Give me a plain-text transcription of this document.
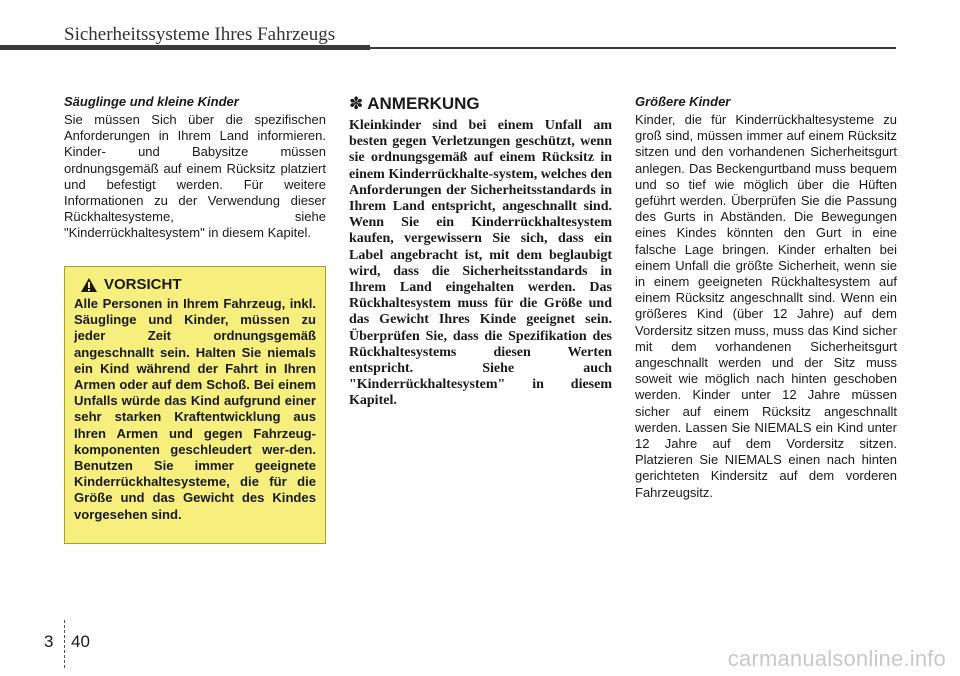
Sicherheitssysteme Ihres Fahrzeugs

Säuglinge und kleine Kinder

Sie müssen Sich über die spezifischen Anforderungen in Ihrem Land informieren. Kinder- und Babysitze müssen ordnungsgemäß auf einem Rücksitz platziert und befestigt werden. Für weitere Informationen zu der Verwendung dieser Rückhaltesysteme, siehe "Kinderrückhaltesystem" in diesem Kapitel.

VORSICHT

Alle Personen in Ihrem Fahrzeug, inkl. Säuglinge und Kinder, müssen zu jeder Zeit ordnungsgemäß angeschnallt sein. Halten Sie niemals ein Kind während der Fahrt in Ihren Armen oder auf dem Schoß. Bei einem Unfalls würde das Kind aufgrund einer sehr starken Kraftentwicklung aus Ihren Armen und gegen Fahrzeug-komponenten geschleudert wer-den. Benutzen Sie immer geeignete Kinderrückhaltesysteme, die für die Größe und das Gewicht des Kindes vorgesehen sind.

✽ ANMERKUNG

Kleinkinder sind bei einem Unfall am besten gegen Verletzungen geschützt, wenn sie ordnungsgemäß auf einem Rücksitz in einem Kinderrückhalte-system, welches den Anforderungen der Sicherheitsstandards in Ihrem Land entspricht, angeschnallt sind. Wenn Sie ein Kinderrückhaltesystem kaufen, vergewissern Sie sich, dass ein Label angebracht ist, mit dem beglaubigt wird, dass die Sicherheitsstandards in Ihrem Land eingehalten werden. Das Rückhaltesystem muss für die Größe und das Gewicht Ihres Kinde geeignet sein. Überprüfen Sie, dass die Spezifikation des Rückhaltesystems diesen Werten entspricht. Siehe auch "Kinderrückhaltesystem" in diesem Kapitel.

Größere Kinder

Kinder, die für Kinderrückhaltesysteme zu groß sind, müssen immer auf einem Rücksitz sitzen und den vorhandenen Sicherheitsgurt anlegen. Das Beckengurtband muss bequem und so tief wie möglich über die Hüften geführt werden. Überprüfen Sie die Passung des Gurts in Abständen. Die Bewegungen eines Kindes könnten den Gurt in eine falsche Lage bringen. Kinder erhalten bei einem Unfall die größte Sicherheit, wenn sie in einem geeigneten Rückhaltesystem auf einem Rücksitz angeschnallt sind. Wenn ein größeres Kind (über 12 Jahre) auf dem Vordersitz sitzen muss, muss das Kind sicher mit dem vorhandenen Sicherheitsgurt angeschnallt werden und der Sitz muss soweit wie möglich nach hinten geschoben werden. Kinder unter 12 Jahre müssen sicher auf einem Rücksitz angeschnallt werden. Lassen Sie NIEMALS ein Kind unter 12 Jahre auf dem Vordersitz sitzen. Platzieren Sie NIEMALS einen nach hinten gerichteten Kindersitz auf dem vorderen Fahrzeugsitz.

3 40
carmanualsonline.info
